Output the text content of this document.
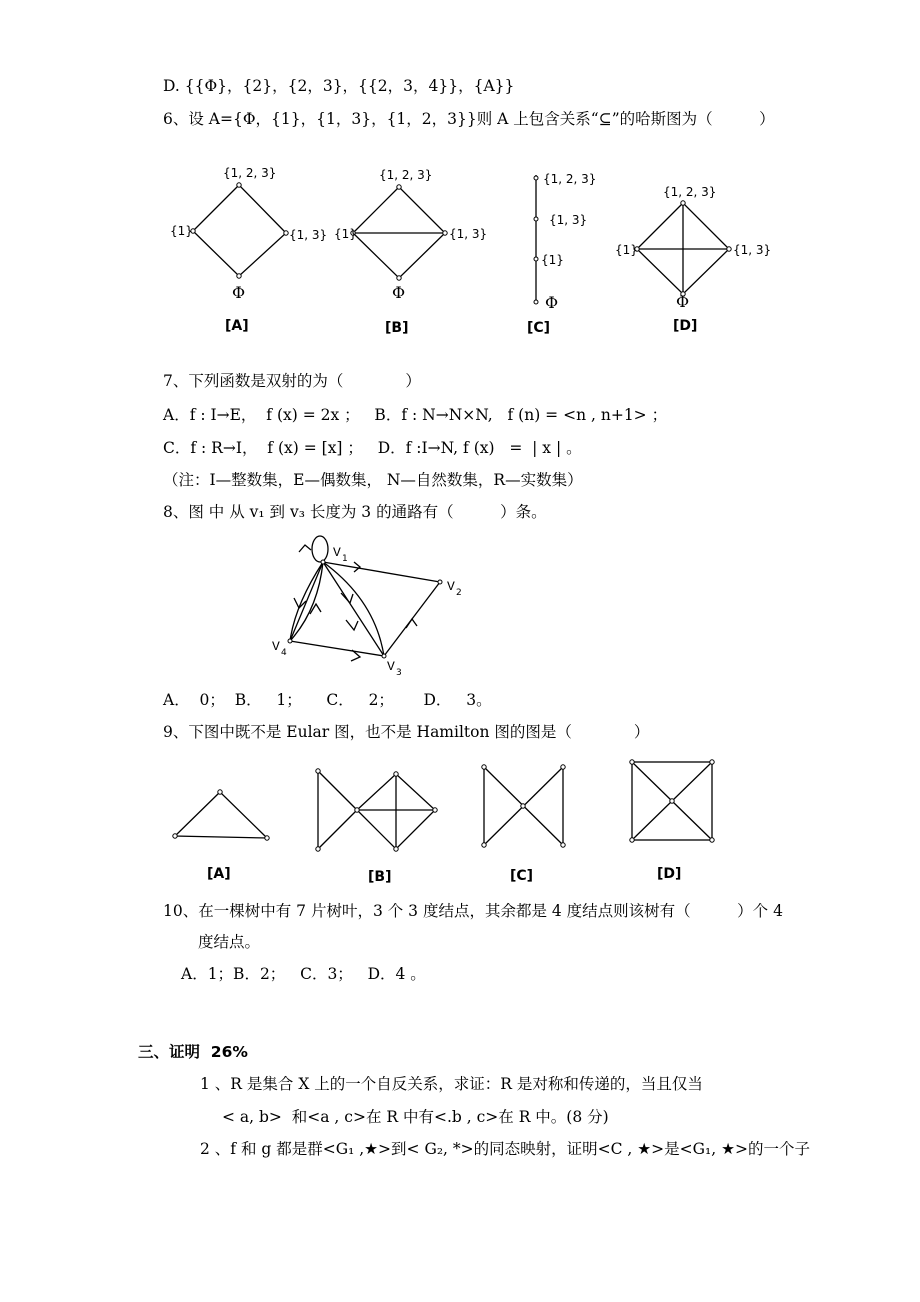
D. {{Φ}，{2}，{2，3}，{{2，3，4}}，{A}}
6、设 A={Φ，{1}，{1，3}，{1，2，3}}则 A 上包含关系“⊆”的哈斯图为（　　　）
{1, 2, 3}
{1}	{1, 3}
Φ
[A]
{1, 2, 3}
{1}	{1, 3}
Φ
[B]
{1, 2, 3}
{1, 3}
{1}
Φ
[C]
{1, 2, 3}
{1}	{1, 3}
Φ
[D]
V 1
V 2
V 3
V 4
[A]	[B]	[C]	[D]
7、下列函数是双射的为（　　　　）
A．f : I→E，  f (x) = 2x ；   B．f : N→N×N,   f (n) = <n , n+1> ；
C．f : R→I，  f (x) = [x] ；   D．f :I→N, f (x)   =  | x | 。
（注：I—整数集，E—偶数集， N—自然数集，R—实数集）
8、图 中 从 v₁ 到 v₃ 长度为 3 的通路有（　　　）条。
A．  0；  B．   1；     C．   2；      D．   3。
9、下图中既不是 Eular 图，也不是 Hamilton 图的图是（　　　　）
10、在一棵树中有 7 片树叶，3 个 3 度结点，其余都是 4 度结点则该树有（　　　）个 4
度结点。
A．1；B．2；   C．3；   D．4 。
三、证明  26%
1 、R 是集合 X 上的一个自反关系，求证：R 是对称和传递的，当且仅当
< a, b>  和<a , c>在 R 中有<.b , c>在 R 中。(8 分)
2 、f 和 g 都是群<G₁ ,★>到< G₂, *>的同态映射，证明<C , ★>是<G₁, ★>的一个子
